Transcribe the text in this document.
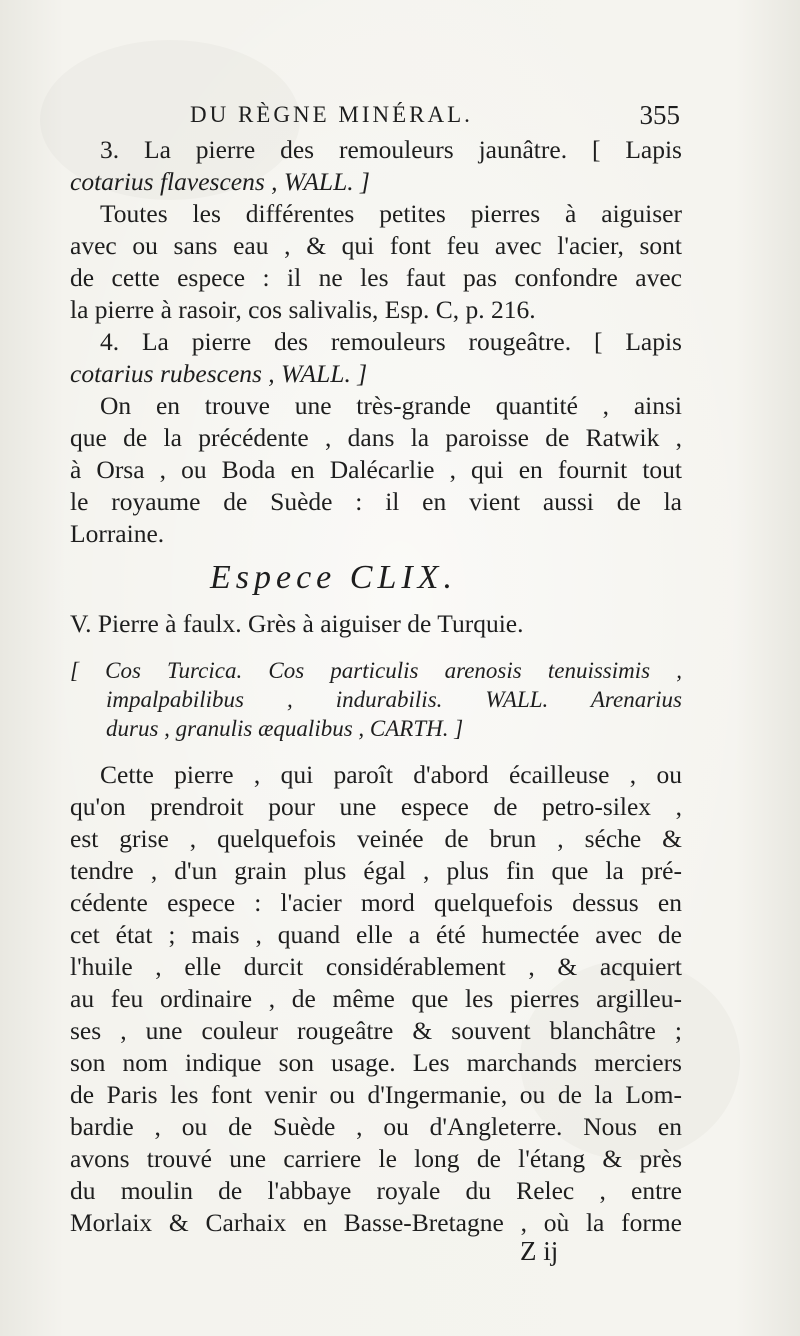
DU RÈGNE MINÉRAL.	355
3. La pierre des remouleurs jaunâtre. [ Lapis
cotarius flavescens , WALL. ]
Toutes les différentes petites pierres à aiguiser
avec ou sans eau , & qui font feu avec l'acier, sont
de cette espece : il ne les faut pas confondre avec
la pierre à rasoir, cos salivalis, Esp. C, p. 216.
4. La pierre des remouleurs rougeâtre. [ Lapis
cotarius rubescens , WALL. ]
On en trouve une très-grande quantité , ainsi
que de la précédente , dans la paroisse de Ratwik ,
à Orsa , ou Boda en Dalécarlie , qui en fournit tout
le royaume de Suède : il en vient aussi de la
Lorraine.
Espece CLIX.
V. Pierre à faulx. Grès à aiguiser de Turquie.
[ Cos Turcica. Cos particulis arenosis tenuissimis ,
impalpabilibus , indurabilis. WALL. Arenarius
durus , granulis æqualibus , CARTH. ]
Cette pierre , qui paroît d'abord écailleuse , ou
qu'on prendroit pour une espece de petro-silex ,
est grise , quelquefois veinée de brun , séche &
tendre , d'un grain plus égal , plus fin que la pré-
cédente espece : l'acier mord quelquefois dessus en
cet état ; mais , quand elle a été humectée avec de
l'huile , elle durcit considérablement , & acquiert
au feu ordinaire , de même que les pierres argilleu-
ses , une couleur rougeâtre & souvent blanchâtre ;
son nom indique son usage. Les marchands merciers
de Paris les font venir ou d'Ingermanie, ou de la Lom-
bardie , ou de Suède , ou d'Angleterre. Nous en
avons trouvé une carriere le long de l'étang & près
du moulin de l'abbaye royale du Relec , entre
Morlaix & Carhaix en Basse-Bretagne , où la forme
Z ij
